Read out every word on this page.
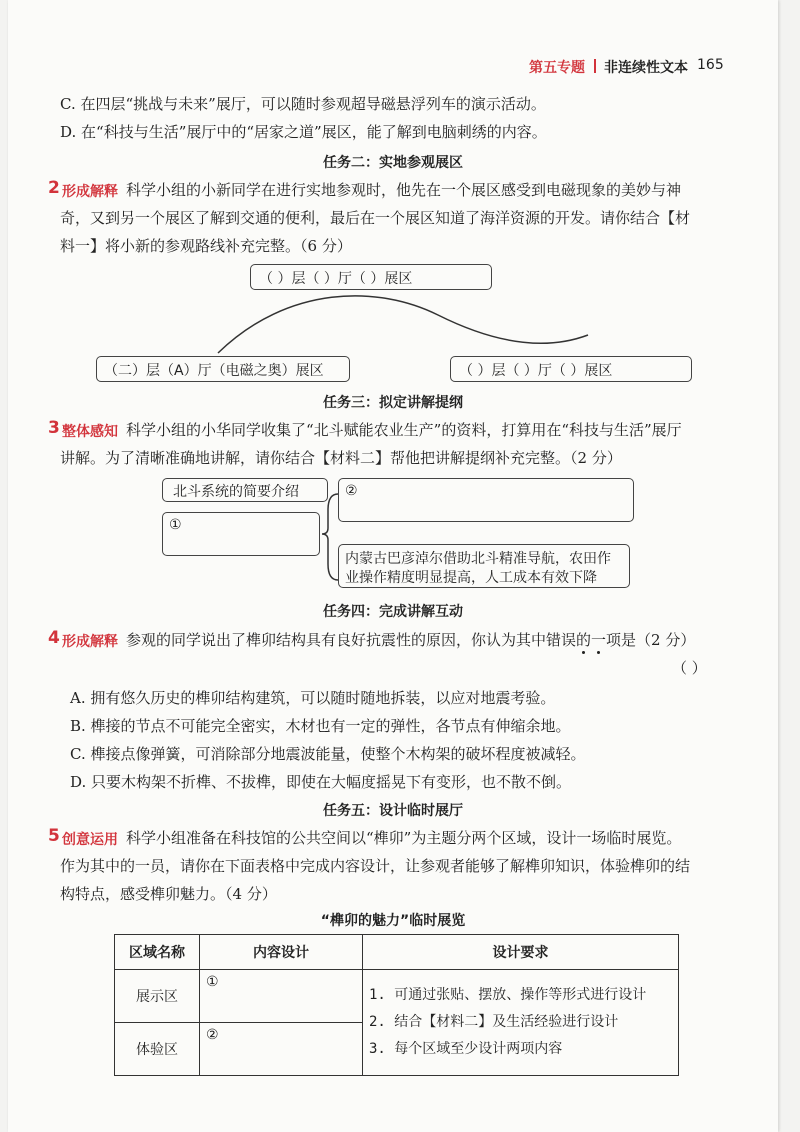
第五专题 非连续性文本 165
C. 在四层“挑战与未来”展厅，可以随时参观超导磁悬浮列车的演示活动。
D. 在“科技与生活”展厅中的“居家之道”展区，能了解到电脑刺绣的内容。
任务二：实地参观展区
2 形成解释 科学小组的小新同学在进行实地参观时，他先在一个展区感受到电磁现象的美妙与神
奇，又到另一个展区了解到交通的便利，最后在一个展区知道了海洋资源的开发。请你结合【材
料一】将小新的参观路线补充完整。（6 分）
（ ）层（ ）厅（ ）展区
（二）层（A）厅（电磁之奥）展区	（ ）层（ ）厅（ ）展区
任务三：拟定讲解提纲
3 整体感知 科学小组的小华同学收集了“北斗赋能农业生产”的资料，打算用在“科技与生活”展厅
讲解。为了清晰准确地讲解，请你结合【材料二】帮他把讲解提纲补充完整。（2 分）
北斗系统的简要介绍
①
②
内蒙古巴彦淖尔借助北斗精准导航，农田作
业操作精度明显提高，人工成本有效下降
任务四：完成讲解互动
4 形成解释 参观的同学说出了榫卯结构具有良好抗震性的原因，你认为其中错误的一项是（2 分）
（ ）
A. 拥有悠久历史的榫卯结构建筑，可以随时随地拆装，以应对地震考验。
B. 榫接的节点不可能完全密实，木材也有一定的弹性，各节点有伸缩余地。
C. 榫接点像弹簧，可消除部分地震波能量，使整个木构架的破坏程度被减轻。
D. 只要木构架不折榫、不拔榫，即使在大幅度摇晃下有变形，也不散不倒。
任务五：设计临时展厅
5 创意运用 科学小组准备在科技馆的公共空间以“榫卯”为主题分两个区域，设计一场临时展览。
作为其中的一员，请你在下面表格中完成内容设计，让参观者能够了解榫卯知识，体验榫卯的结
构特点，感受榫卯魅力。（4 分）
“榫卯的魅力”临时展览
区域名称	内容设计	设计要求
展示区	①	1. 可通过张贴、摆放、操作等形式进行设计
2. 结合【材料二】及生活经验进行设计
3. 每个区域至少设计两项内容

体验区	②	
